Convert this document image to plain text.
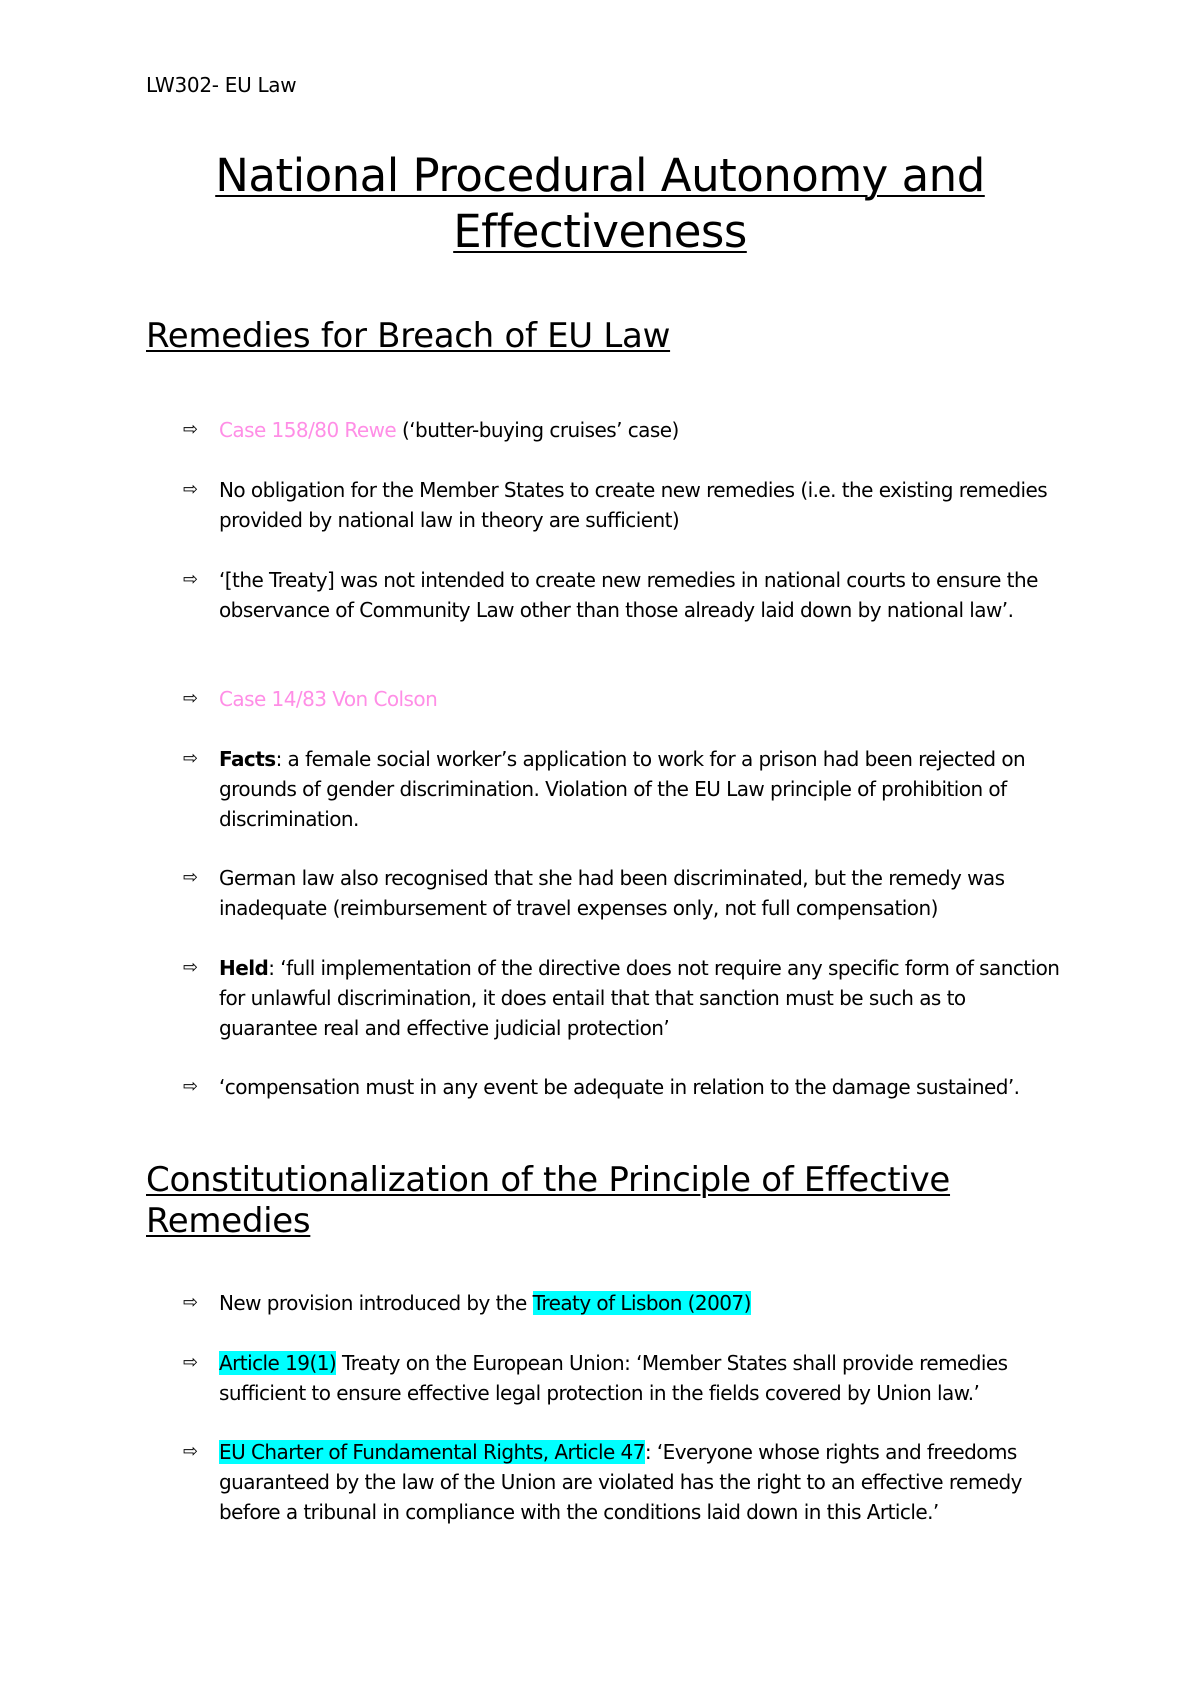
LW302- EU Law
National Procedural Autonomy and Effectiveness
Remedies for Breach of EU Law
⇨	Case 158/80 Rewe (‘butter-buying cruises’ case)
⇨	No obligation for the Member States to create new remedies (i.e. the existing remedies provided by national law in theory are sufficient)
⇨	‘[the Treaty] was not intended to create new remedies in national courts to ensure the observance of Community Law other than those already laid down by national law’.
⇨	Case 14/83 Von Colson
⇨	Facts: a female social worker’s application to work for a prison had been rejected on grounds of gender discrimination. Violation of the EU Law principle of prohibition of discrimination.
⇨	German law also recognised that she had been discriminated, but the remedy was inadequate (reimbursement of travel expenses only, not full compensation)
⇨	Held: ‘full implementation of the directive does not require any specific form of sanction for unlawful discrimination, it does entail that that sanction must be such as to guarantee real and effective judicial protection’
⇨	‘compensation must in any event be adequate in relation to the damage sustained’.
Constitutionalization of the Principle of Effective Remedies
⇨	New provision introduced by the Treaty of Lisbon (2007)
⇨	Article 19(1) Treaty on the European Union: ‘Member States shall provide remedies sufficient to ensure effective legal protection in the fields covered by Union law.’
⇨	EU Charter of Fundamental Rights, Article 47: ‘Everyone whose rights and freedoms guaranteed by the law of the Union are violated has the right to an effective remedy before a tribunal in compliance with the conditions laid down in this Article.’
